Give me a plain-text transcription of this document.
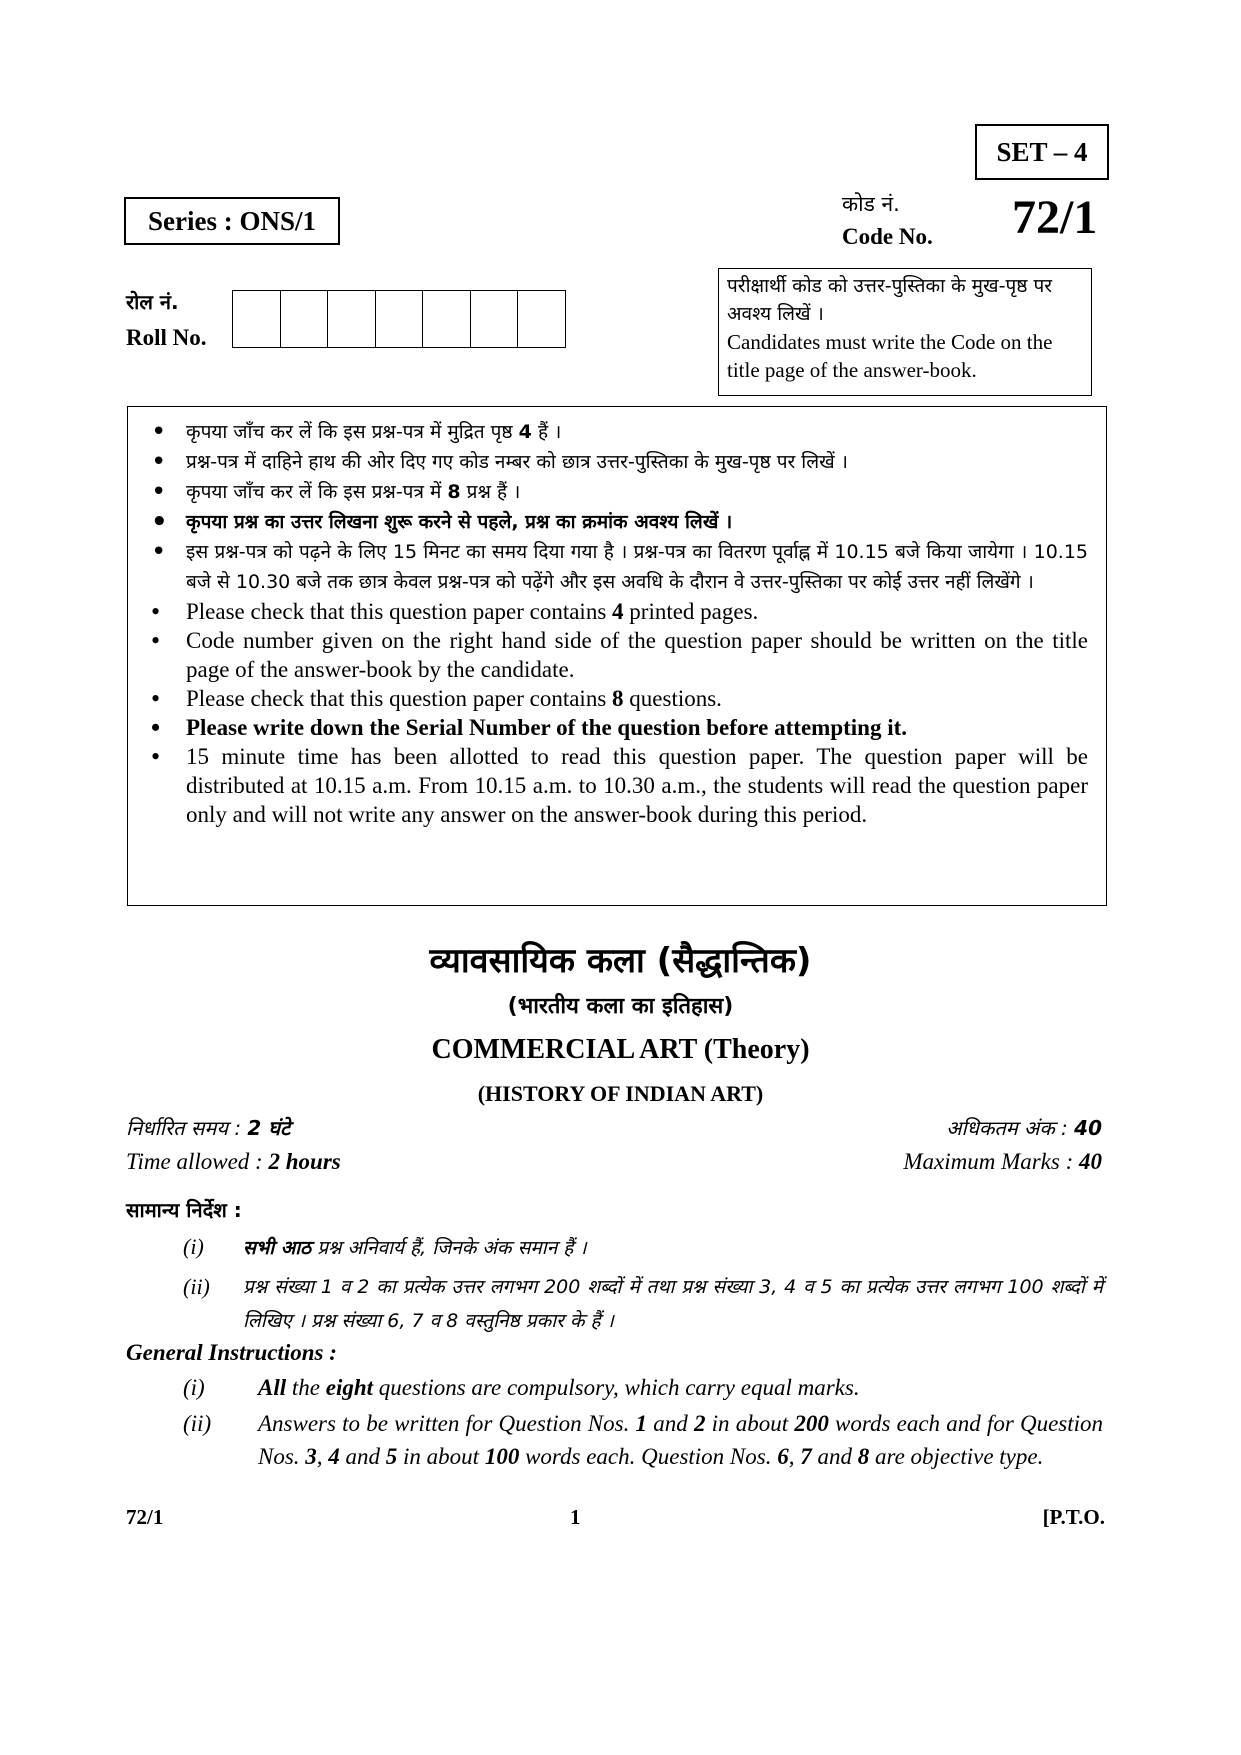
SET – 4
Series : ONS/1
कोड नं.
Code No. 72/1
रोल नं.
Roll No.
परीक्षार्थी कोड को उत्तर-पुस्तिका के मुख-पृष्ठ पर अवश्य लिखें ।
Candidates must write the Code on the title page of the answer-book.
• कृपया जाँच कर लें कि इस प्रश्न-पत्र में मुद्रित पृष्ठ 4 हैं ।
• प्रश्न-पत्र में दाहिने हाथ की ओर दिए गए कोड नम्बर को छात्र उत्तर-पुस्तिका के मुख-पृष्ठ पर लिखें ।
• कृपया जाँच कर लें कि इस प्रश्न-पत्र में 8 प्रश्न हैं ।
• कृपया प्रश्न का उत्तर लिखना शुरू करने से पहले, प्रश्न का क्रमांक अवश्य लिखें ।
• इस प्रश्न-पत्र को पढ़ने के लिए 15 मिनट का समय दिया गया है । प्रश्न-पत्र का वितरण पूर्वाह्न में 10.15 बजे किया जायेगा । 10.15 बजे से 10.30 बजे तक छात्र केवल प्रश्न-पत्र को पढ़ेंगे और इस अवधि के दौरान वे उत्तर-पुस्तिका पर कोई उत्तर नहीं लिखेंगे ।
• Please check that this question paper contains 4 printed pages.
• Code number given on the right hand side of the question paper should be written on the title page of the answer-book by the candidate.
• Please check that this question paper contains 8 questions.
• Please write down the Serial Number of the question before attempting it.
• 15 minute time has been allotted to read this question paper. The question paper will be distributed at 10.15 a.m. From 10.15 a.m. to 10.30 a.m., the students will read the question paper only and will not write any answer on the answer-book during this period.
व्यावसायिक कला (सैद्धान्तिक)
(भारतीय कला का इतिहास)
COMMERCIAL ART (Theory)
(HISTORY OF INDIAN ART)
निर्धारित समय : 2 घंटे
Time allowed : 2 hours
अधिकतम अंक : 40
Maximum Marks : 40
सामान्य निर्देश :
(i)	सभी आठ प्रश्न अनिवार्य हैं, जिनके अंक समान हैं ।
(ii)	प्रश्न संख्या 1 व 2 का प्रत्येक उत्तर लगभग 200 शब्दों में तथा प्रश्न संख्या 3, 4 व 5 का प्रत्येक उत्तर लगभग 100 शब्दों में लिखिए । प्रश्न संख्या 6, 7 व 8 वस्तुनिष्ठ प्रकार के हैं ।
General Instructions :
(i)	All the eight questions are compulsory, which carry equal marks.
(ii)	Answers to be written for Question Nos. 1 and 2 in about 200 words each and for Question Nos. 3, 4 and 5 in about 100 words each. Question Nos. 6, 7 and 8 are objective type.
72/1	1	[P.T.O.
